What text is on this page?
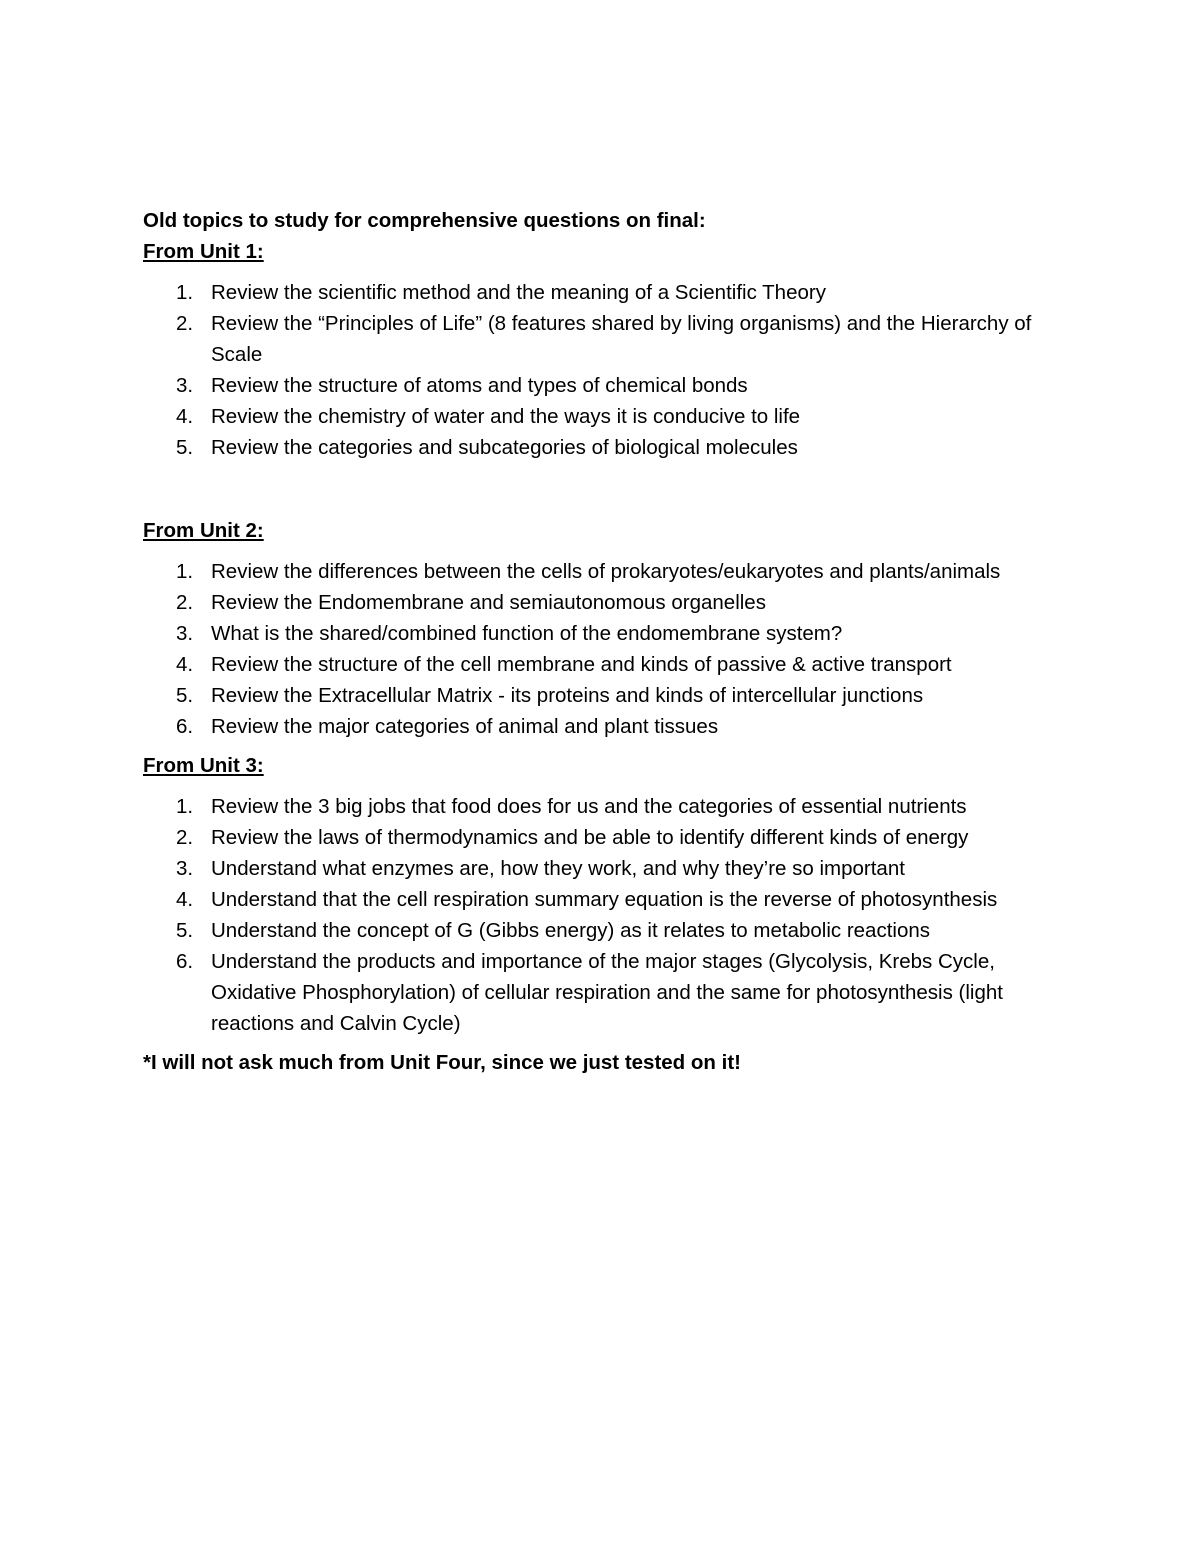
Old topics to study for comprehensive questions on final:
From Unit 1:
1. Review the scientific method and the meaning of a Scientific Theory
2. Review the “Principles of Life” (8 features shared by living organisms) and the Hierarchy of Scale
3. Review the structure of atoms and types of chemical bonds
4. Review the chemistry of water and the ways it is conducive to life
5. Review the categories and subcategories of biological molecules
From Unit 2:
1. Review the differences between the cells of prokaryotes/eukaryotes and plants/animals
2. Review the Endomembrane and semiautonomous organelles
3. What is the shared/combined function of the endomembrane system?
4. Review the structure of the cell membrane and kinds of passive & active transport
5. Review the Extracellular Matrix - its proteins and kinds of intercellular junctions
6. Review the major categories of animal and plant tissues
From Unit 3:
1. Review the 3 big jobs that food does for us and the categories of essential nutrients
2. Review the laws of thermodynamics and be able to identify different kinds of energy
3. Understand what enzymes are, how they work, and why they’re so important
4. Understand that the cell respiration summary equation is the reverse of photosynthesis
5. Understand the concept of G (Gibbs energy) as it relates to metabolic reactions
6. Understand the products and importance of the major stages (Glycolysis, Krebs Cycle, Oxidative Phosphorylation) of cellular respiration and the same for photosynthesis (light reactions and Calvin Cycle)
*I will not ask much from Unit Four, since we just tested on it!
